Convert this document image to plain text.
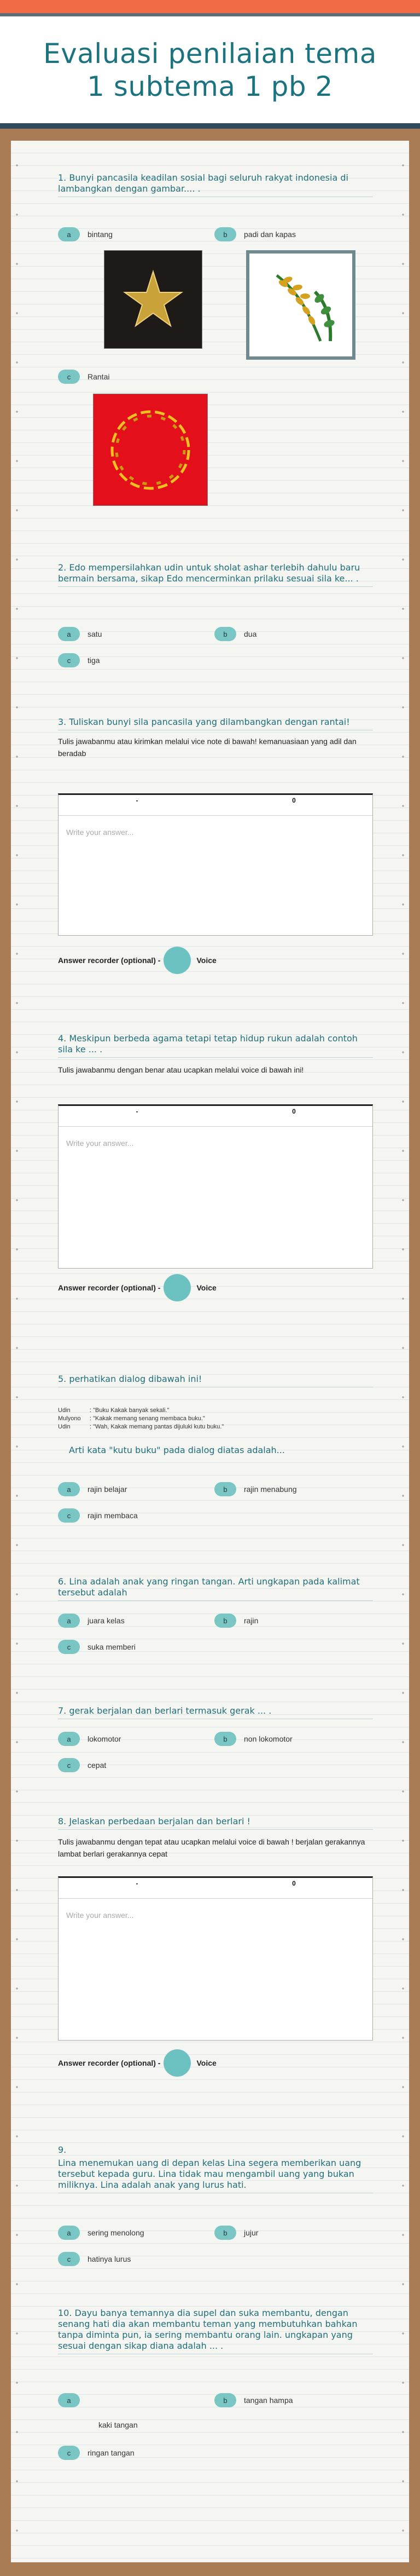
Evaluasi penilaian tema 1 subtema 1 pb 2
1. Bunyi pancasila keadilan sosial bagi seluruh rakyat indonesia di lambangkan dengan gambar.... .
a	bintang	b	padi dan kapas
c	Rantai
2. Edo mempersilahkan udin untuk sholat ashar terlebih dahulu baru bermain bersama, sikap Edo mencerminkan prilaku sesuai sila ke... .
a	satu	b	dua
c	tiga
3. Tuliskan bunyi sila pancasila yang dilambangkan dengan rantai!
Tulis jawabanmu atau kirimkan melalui vice note di bawah! kemanuasiaan yang adil dan beradab
-	0
Write your answer...
Answer recorder (optional) -	Voice
4. Meskipun berbeda agama tetapi tetap hidup rukun adalah contoh sila ke ... .
Tulis jawabanmu dengan benar atau ucapkan melalui voice di bawah ini!
-	0
Write your answer...
Answer recorder (optional) -	Voice
5. perhatikan dialog dibawah ini!
Udin	: "Buku Kakak banyak sekali."
Mulyono	: "Kakak memang senang membaca buku."
Udin	: "Wah, Kakak memang pantas dijuluki kutu buku."
Arti kata "kutu buku" pada dialog diatas adalah...
a	rajin belajar	b	rajin menabung
c	rajin membaca
6. Lina adalah anak yang ringan tangan. Arti ungkapan pada kalimat tersebut adalah
a	juara kelas	b	rajin
c	suka memberi
7. gerak berjalan dan berlari termasuk gerak ... .
a	lokomotor	b	non lokomotor
c	cepat
8. Jelaskan perbedaan berjalan dan berlari !
Tulis jawabanmu dengan tepat atau ucapkan melalui voice di bawah ! berjalan gerakannya lambat berlari gerakannya cepat
-	0
Write your answer...
Answer recorder (optional) -	Voice
9.
Lina menemukan uang di depan kelas Lina segera memberikan uang tersebut kepada guru. Lina tidak mau mengambil uang yang bukan miliknya. Lina adalah anak yang lurus hati.
a	sering menolong	b	jujur
c	hatinya lurus
10. Dayu banya temannya dia supel dan suka membantu, dengan senang hati dia akan membantu teman yang membutuhkan bahkan tanpa diminta pun, ia sering membantu orang lain. ungkapan yang sesuai dengan sikap diana adalah ... .
a
kaki tangan
b	tangan hampa
c	ringan tangan
